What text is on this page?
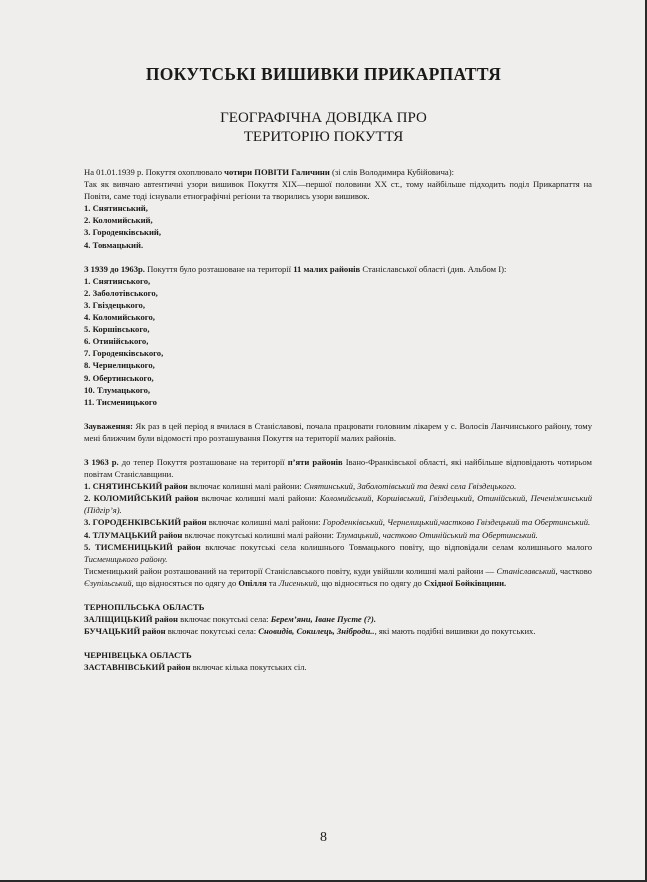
ПОКУТСЬКІ ВИШИВКИ ПРИКАРПАТТЯ
ГЕОГРАФІЧНА ДОВІДКА ПРО
ТЕРИТОРІЮ ПОКУТТЯ

На 01.01.1939 р. Покуття охоплювало чотири ПОВІТИ Галичини (зі слів Володимира Кубійовича):

Так як вивчаю автентичні узори вишивок Покуття XIX—першої половини XX ст., тому найбільше підходить поділ Прикарпаття на Повіти, саме тоді існували етнографічні регіони та творились узори вишивок.

1. Снятинський,

2. Коломийський,

3. Городенківський,

4. Товмацький.

З 1939 до 1963р. Покуття було розташоване на території 11 малих районів Станіславської області (див. Альбом I):

1. Снятинського,

2. Заболотівського,

3. Гвіздецького,

4. Коломийського,

5. Коршівського,

6. Отинійського,

7. Городенківського,

8. Чернелицького,

9. Обертинського,

10. Тлумацького,

11. Тисменицького

Зауваження: Як раз в цей період я вчилася в Станіславові, почала працювати головним лікарем у с. Волосів Ланчинського району, тому мені ближчим були відомості про розташування Покуття на території малих районів.

З 1963 р. до тепер Покуття розташоване на території п’яти районів Івано-Франківської області, які найбільше відповідають чотирьом повітам Станіславщини.

1. СНЯТИНСЬКИЙ район включає колишні малі райони: Снятинський, Заболотівський та деякі села Гвіздецького.

2. КОЛОМИЙСЬКИЙ район включає колишні малі райони: Коломийський, Коршівський, Гвіздецький, Отинійський, Печеніжинський (Підгір’я).

3. ГОРОДЕНКІВСЬКИЙ район включає колишні малі райони: Городенківський, Чернелицький,частково Гвіздецький та Обертинський.

4. ТЛУМАЦЬКИЙ район включає покутські колишні малі райони: Тлумацький, частково Отинійський та Обертинський.

5. ТИСМЕНИЦЬКИЙ район включає покутські села колишнього Товмацького повіту, що відповідали селам колишнього малого Тисменицького району.

Тисменицький район розташований на території Станіславського повіту, куди увійшли колишні малі райони — Станіславський, частково Єзупільський, що відносяться по одягу до Опілля та Лисенький, що відносяться по одягу до Східної Бойківщини.

ТЕРНОПІЛЬСЬКА ОБЛАСТЬ

ЗАЛІЩИЦЬКИЙ район включає покутські села: Берем’яни, Іване Пусте (?).

БУЧАЦЬКИЙ район включає покутські села: Сновидів, Сокилець, Зніброди.., які мають подібні вишивки до покутських.

ЧЕРНІВЕЦЬКА ОБЛАСТЬ

ЗАСТАВНІВСЬКИЙ район включає кілька покутських сіл.

8
